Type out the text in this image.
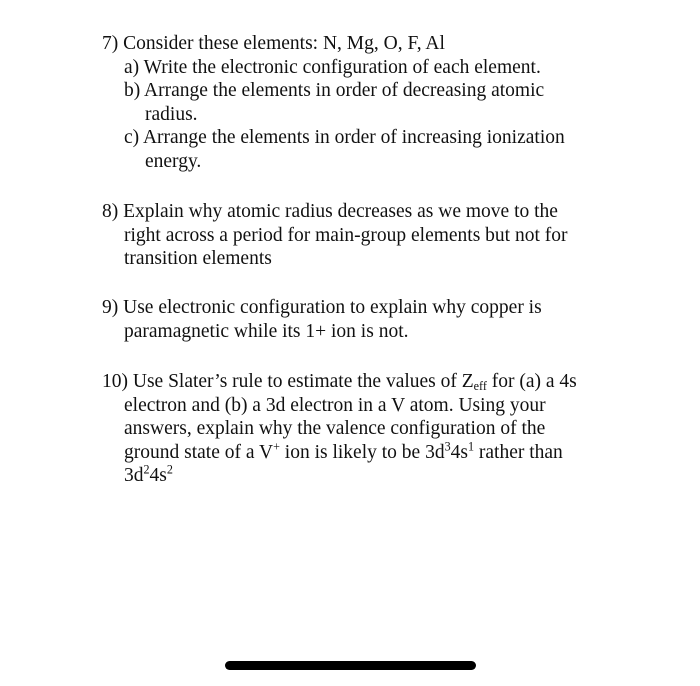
7) Consider these elements: N, Mg, O, F, Al
a) Write the electronic configuration of each element.
b) Arrange the elements in order of decreasing atomic
radius.
c) Arrange the elements in order of increasing ionization
energy.
8) Explain why atomic radius decreases as we move to the
right across a period for main-group elements but not for
transition elements
9) Use electronic configuration to explain why copper is
paramagnetic while its 1+ ion is not.
10) Use Slater’s rule to estimate the values of $Z_{eff}$ for (a) a 4s
electron and (b) a 3d electron in a V atom. Using your
answers, explain why the valence configuration of the
ground state of a V+ ion is likely to be $3d^34s^1$ rather than
$3d^24s^2$
